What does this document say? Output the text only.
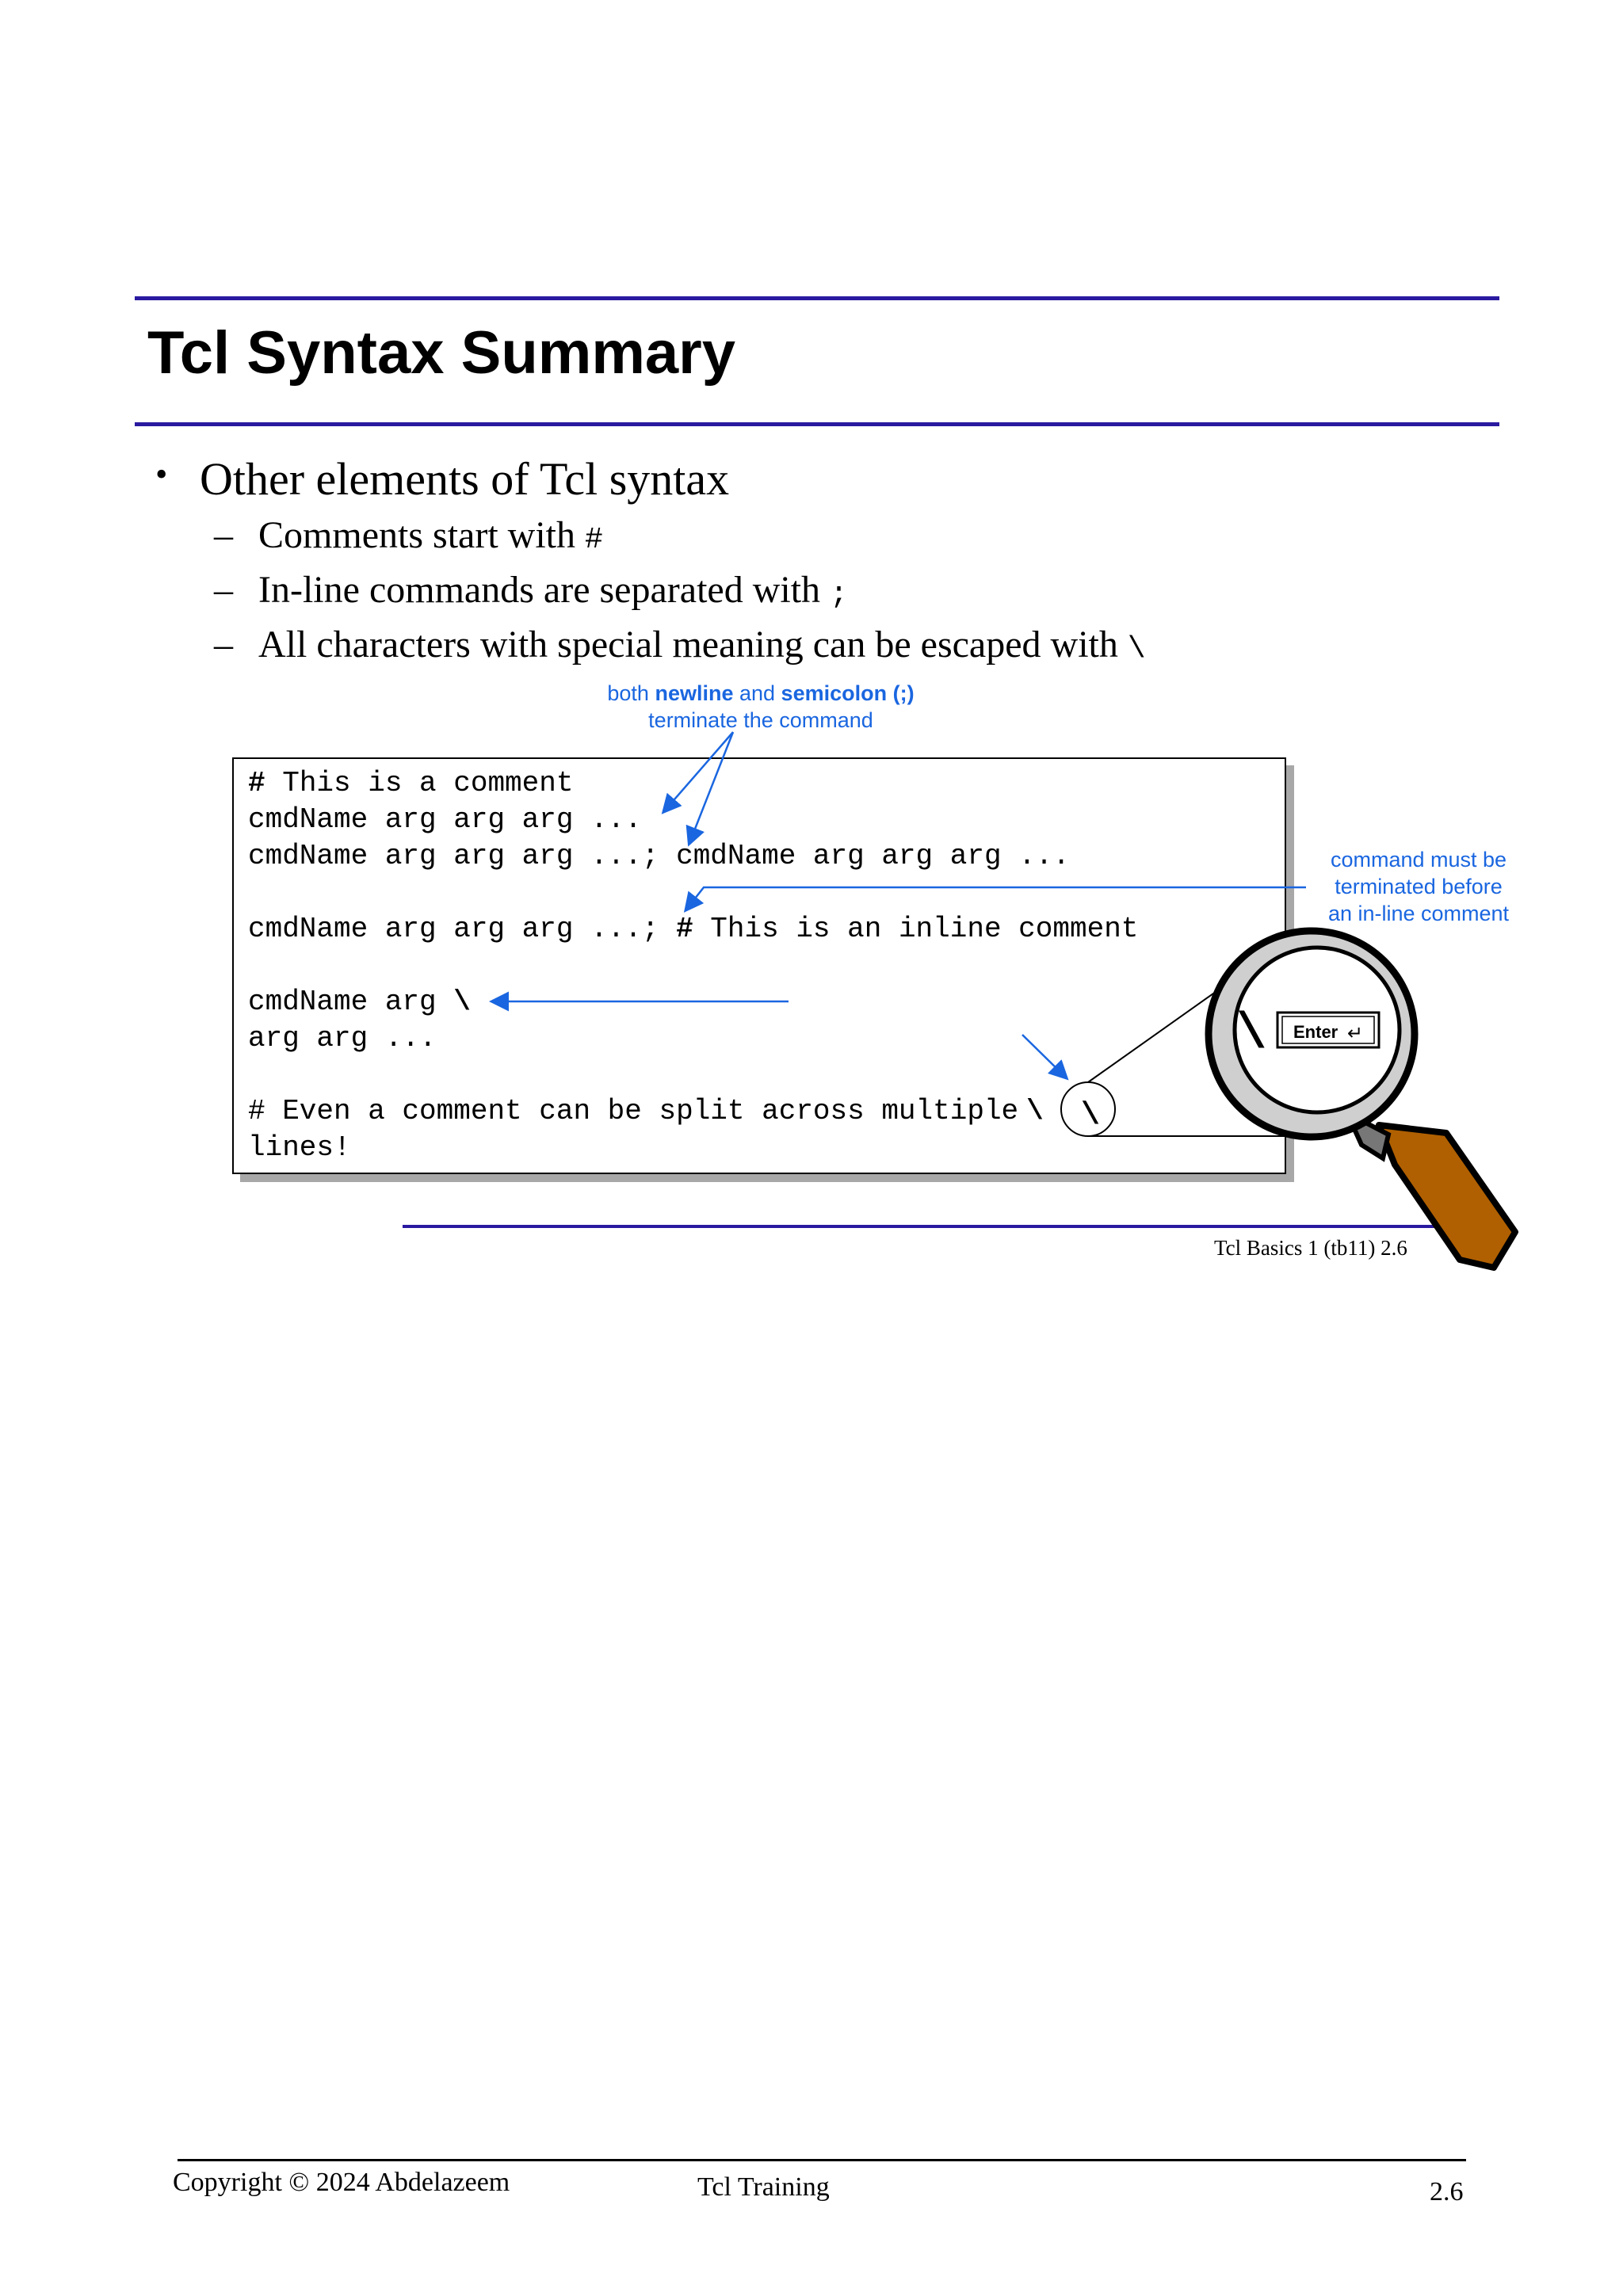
Tcl Syntax Summary
• Other elements of Tcl syntax
– Comments start with #
– In-line commands are separated with ;
– All characters with special meaning can be escaped with \
both newline and semicolon (;)
terminate the command
command must be
terminated before
an in-line comment
# This is a comment
cmdName arg arg arg ...
cmdName arg arg arg ...; cmdName arg arg arg ...
cmdName arg arg arg ...; # This is an inline comment
cmdName arg \
arg arg ...
# Even a comment can be split across multiple \
lines!
Tcl Basics 1 (tb11) 2.6
\
\ Enter ↵
Copyright © 2024 Abdelazeem	Tcl Training	2.6
